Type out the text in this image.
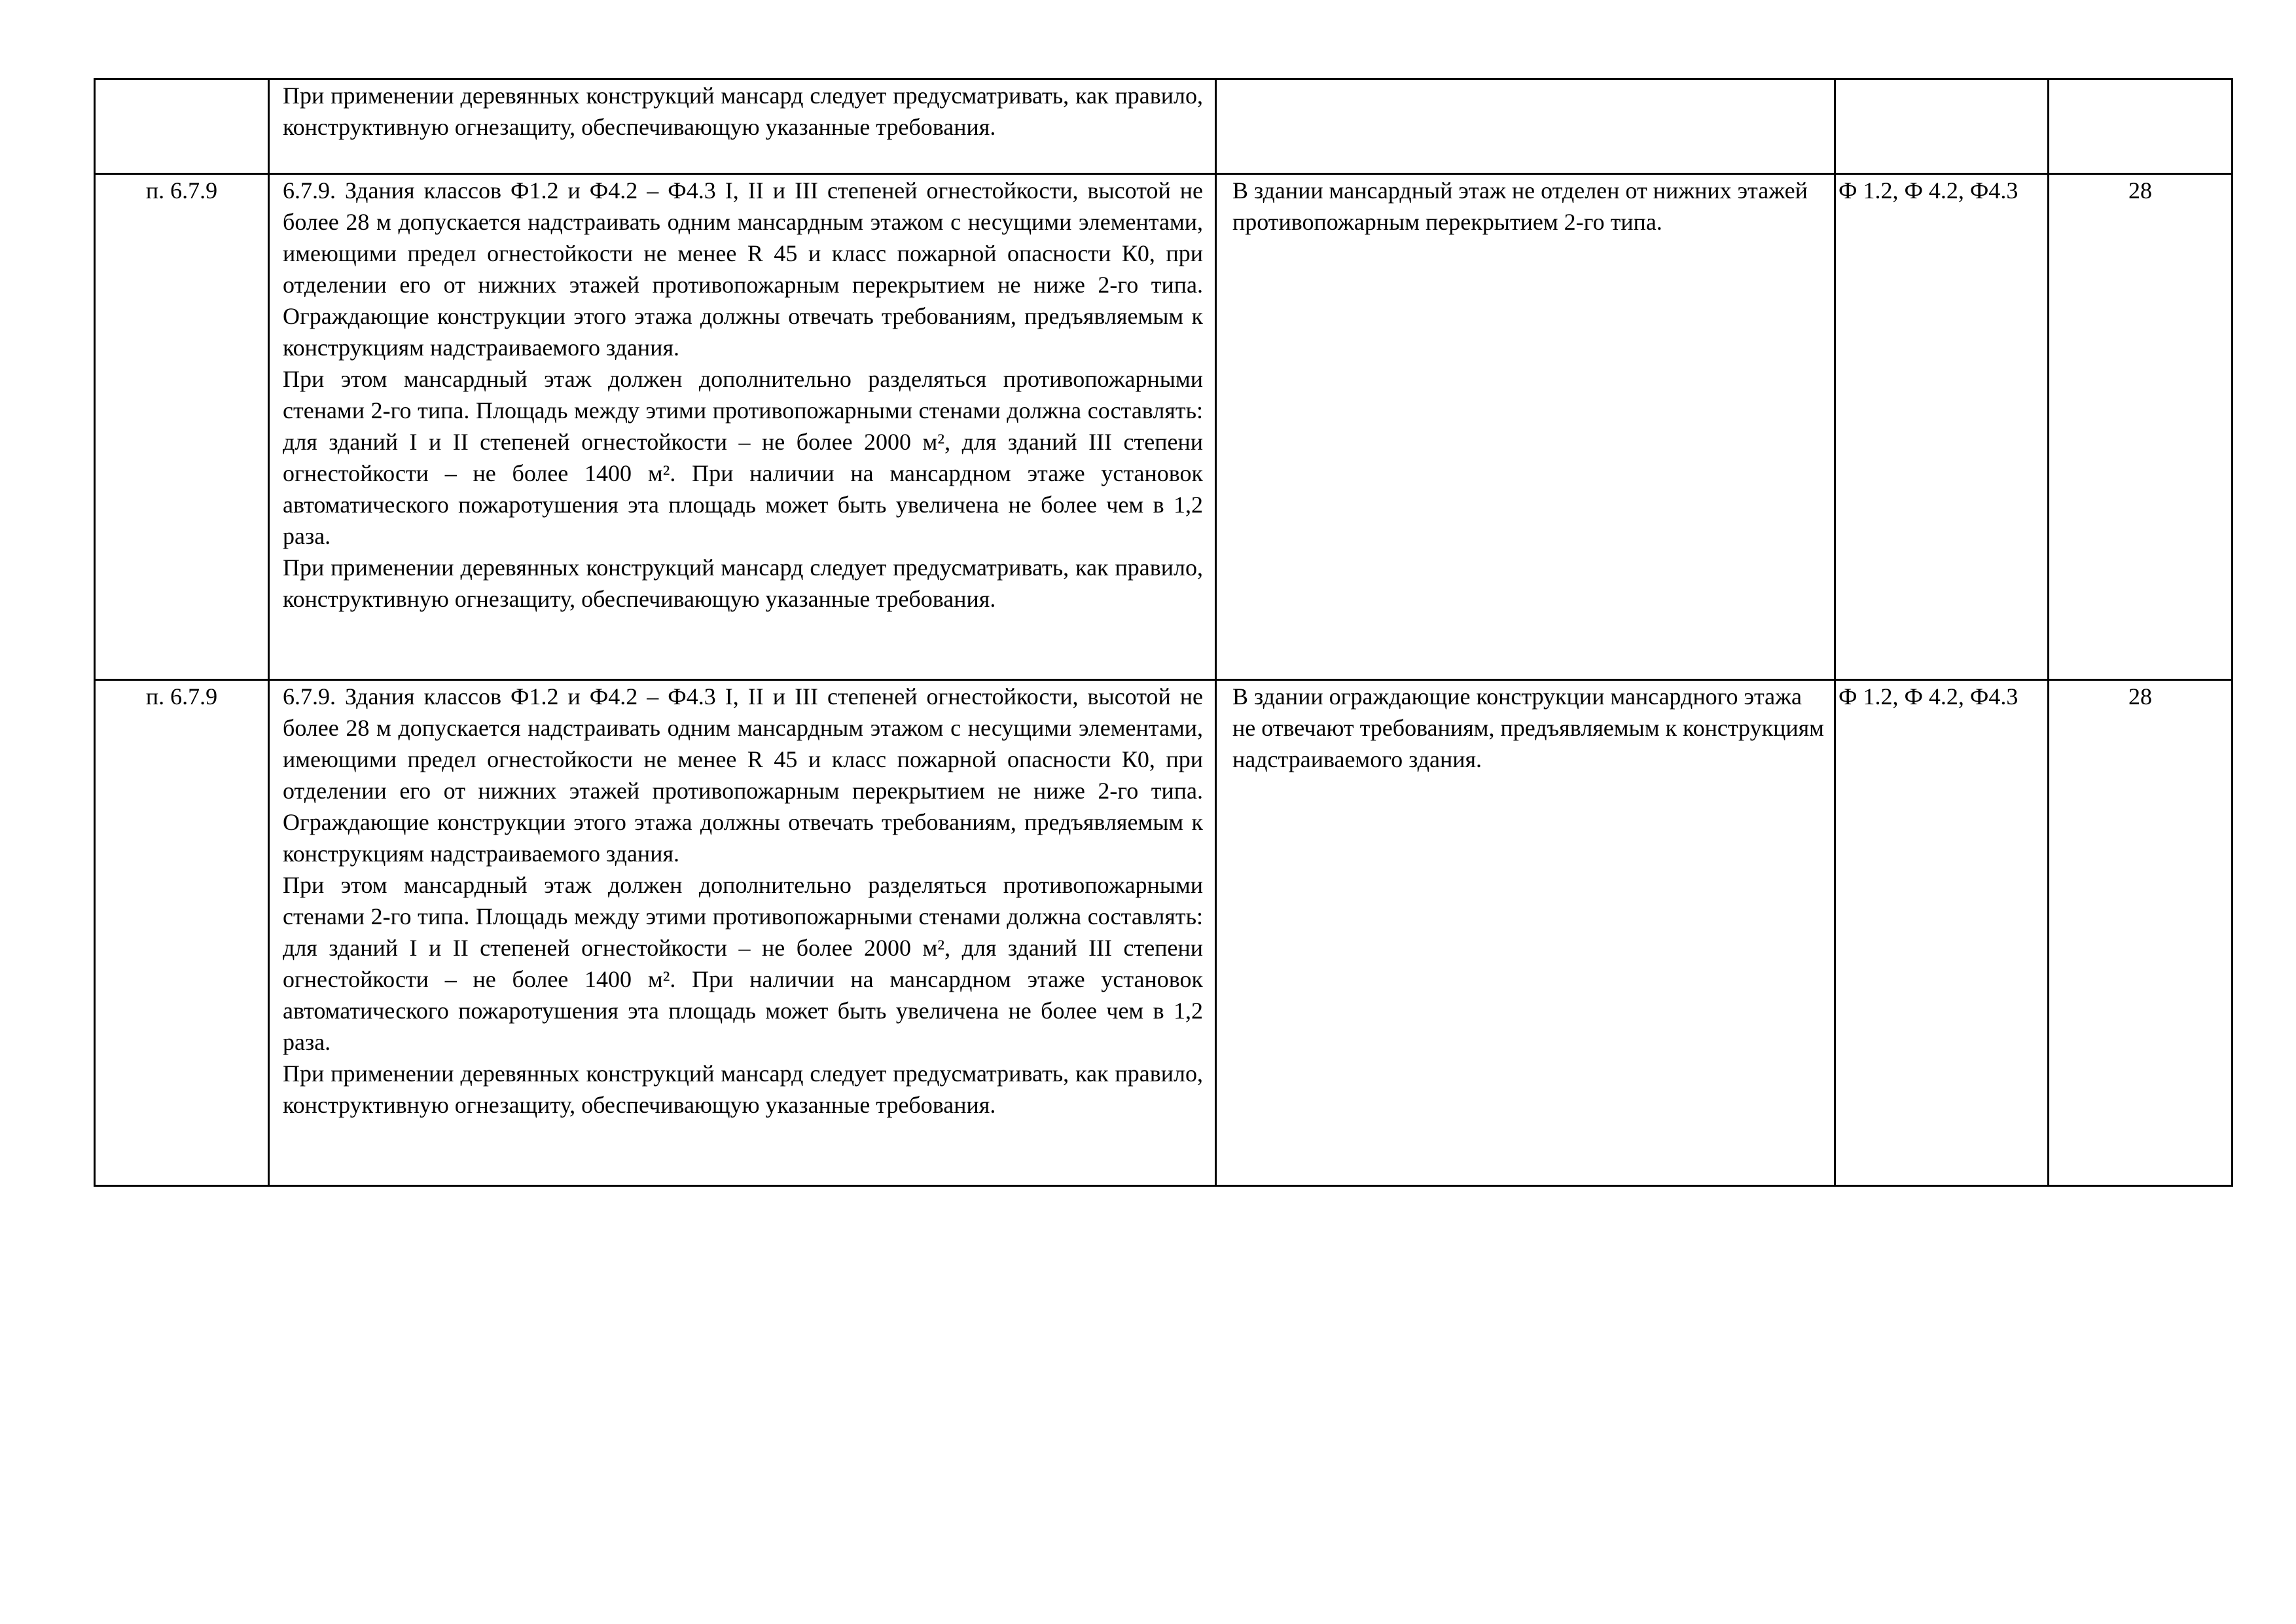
	При применении деревянных конструкций мансард следует предусматривать, как правило, конструктивную огнезащиту, обеспечивающую указанные требования.			

п. 6.7.9	6.7.9. Здания классов Ф1.2 и Ф4.2 – Ф4.3 I, II и III степеней огнестойкости, высотой не более 28 м допускается надстраивать одним мансардным этажом с несущими элементами, имеющими предел огнестойкости не менее R 45 и класс пожарной опасности К0, при отделении его от нижних этажей противопожарным перекрытием не ниже 2-го типа. Ограждающие конструкции этого этажа должны отвечать требованиям, предъявляемым к конструкциям надстраиваемого здания.

При этом мансардный этаж должен дополнительно разделяться противопожарными стенами 2-го типа. Площадь между этими противопожарными стенами должна составлять: для зданий I и II степеней огнестойкости – не более 2000 м², для зданий III степени огнестойкости – не более 1400 м². При наличии на мансардном этаже установок автоматического пожаротушения эта площадь может быть увеличена не более чем в 1,2 раза.

При применении деревянных конструкций мансард следует предусматривать, как правило, конструктивную огнезащиту, обеспечивающую указанные требования.	В здании мансардный этаж не отделен от нижних этажей противопожарным перекрытием 2-го типа.	Ф 1.2, Ф 4.2, Ф4.3	28
п. 6.7.9	6.7.9. Здания классов Ф1.2 и Ф4.2 – Ф4.3 I, II и III степеней огнестойкости, высотой не более 28 м допускается надстраивать одним мансардным этажом с несущими элементами, имеющими предел огнестойкости не менее R 45 и класс пожарной опасности К0, при отделении его от нижних этажей противопожарным перекрытием не ниже 2-го типа. Ограждающие конструкции этого этажа должны отвечать требованиям, предъявляемым к конструкциям надстраиваемого здания.

При этом мансардный этаж должен дополнительно разделяться противопожарными стенами 2-го типа. Площадь между этими противопожарными стенами должна составлять: для зданий I и II степеней огнестойкости – не более 2000 м², для зданий III степени огнестойкости – не более 1400 м². При наличии на мансардном этаже установок автоматического пожаротушения эта площадь может быть увеличена не более чем в 1,2 раза.

При применении деревянных конструкций мансард следует предусматривать, как правило, конструктивную огнезащиту, обеспечивающую указанные требования.	В здании ограждающие конструкции мансардного этажа не отвечают требованиям, предъявляемым к конструкциям надстраиваемого здания.	Ф 1.2, Ф 4.2, Ф4.3	28
